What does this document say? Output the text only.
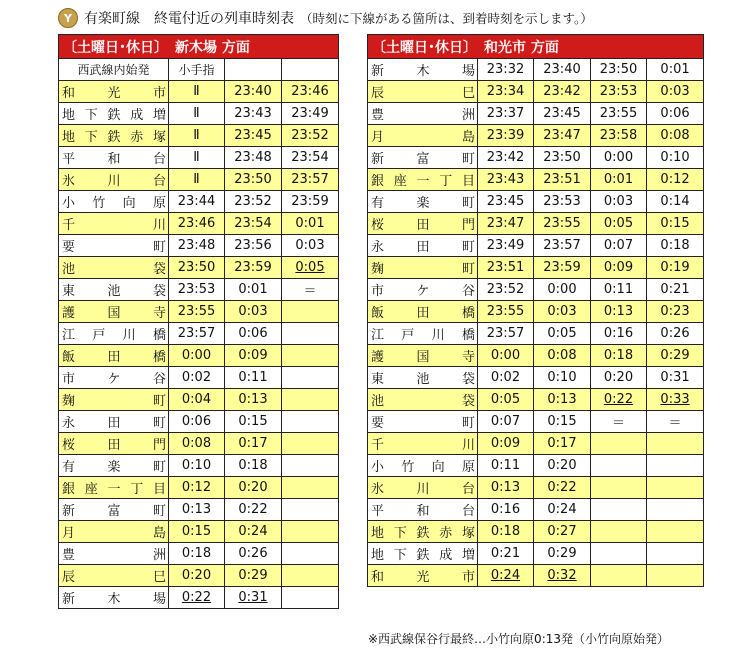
Y 有楽町線 終電付近の列車時刻表 （時刻に下線がある箇所は、到着時刻を示します。）
〔土曜日･休日〕　新木場 方面			
西武線内始発	小手指		

和 光 市	Ⅱ	23:40	23:46

地 下 鉄 成 増	Ⅱ	23:43	23:49

地 下 鉄 赤 塚	Ⅱ	23:45	23:52

平 和 台	Ⅱ	23:48	23:54

氷 川 台	Ⅱ	23:50	23:57

小 竹 向 原	23:44	23:52	23:59

千 川	23:46	23:54	0:01

要 町	23:48	23:56	0:03

池 袋	23:50	23:59	0:05

東 池 袋	23:53	0:01	＝

護 国 寺	23:55	0:03	

江 戸 川 橋	23:57	0:06	

飯 田 橋	0:00	0:09	

市 ケ 谷	0:02	0:11	

麹 町	0:04	0:13	

永 田 町	0:06	0:15	

桜 田 門	0:08	0:17	

有 楽 町	0:10	0:18	

銀 座 一 丁 目	0:12	0:20	

新 富 町	0:13	0:22	

月 島	0:15	0:24	

豊 洲	0:18	0:26	

辰 巳	0:20	0:29	

新 木 場	0:22	0:31	
〔土曜日･休日〕　和光市 方面				

新 木 場	23:32	23:40	23:50	0:01

辰 巳	23:34	23:42	23:53	0:03

豊 洲	23:37	23:45	23:55	0:06

月 島	23:39	23:47	23:58	0:08

新 富 町	23:42	23:50	0:00	0:10

銀 座 一 丁 目	23:43	23:51	0:01	0:12

有 楽 町	23:45	23:53	0:03	0:14

桜 田 門	23:47	23:55	0:05	0:15

永 田 町	23:49	23:57	0:07	0:18

麹 町	23:51	23:59	0:09	0:19

市 ケ 谷	23:52	0:00	0:11	0:21

飯 田 橋	23:55	0:03	0:13	0:23

江 戸 川 橋	23:57	0:05	0:16	0:26

護 国 寺	0:00	0:08	0:18	0:29

東 池 袋	0:02	0:10	0:20	0:31

池 袋	0:05	0:13	0:22	0:33

要 町	0:07	0:15	＝	＝

千 川	0:09	0:17		

小 竹 向 原	0:11	0:20		

氷 川 台	0:13	0:22		

平 和 台	0:16	0:24		

地 下 鉄 赤 塚	0:18	0:27		

地 下 鉄 成 増	0:21	0:29		

和 光 市	0:24	0:32		
※西武線保谷行最終…小竹向原0:13発（小竹向原始発）
